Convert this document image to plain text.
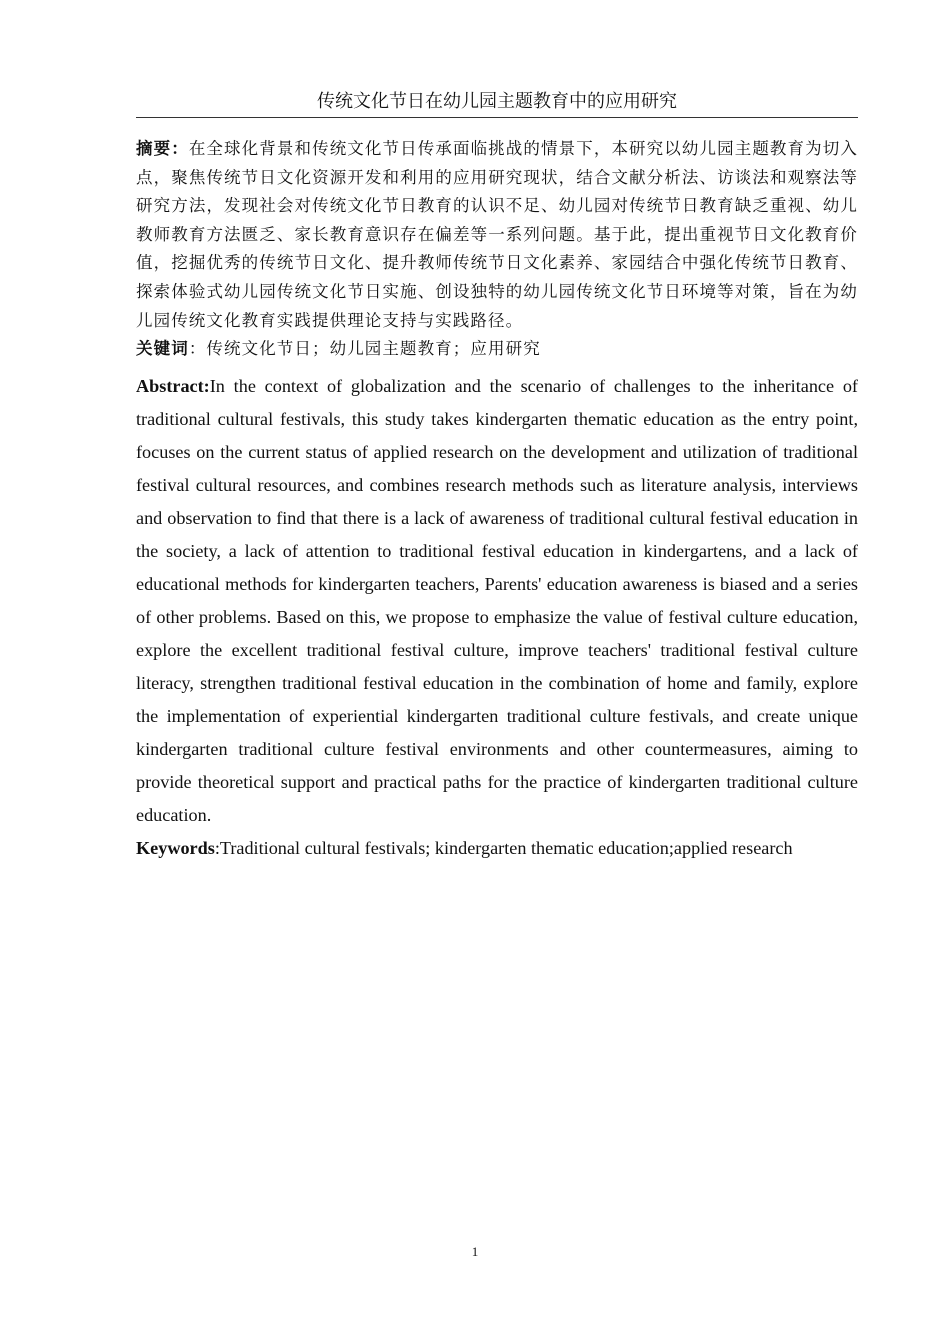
传统文化节日在幼儿园主题教育中的应用研究

摘要：在全球化背景和传统文化节日传承面临挑战的情景下，本研究以幼儿园主题教育为切入点，聚焦传统节日文化资源开发和利用的应用研究现状，结合文献分析法、访谈法和观察法等研究方法，发现社会对传统文化节日教育的认识不足、幼儿园对传统节日教育缺乏重视、幼儿教师教育方法匮乏、家长教育意识存在偏差等一系列问题。基于此，提出重视节日文化教育价值，挖掘优秀的传统节日文化、提升教师传统节日文化素养、家园结合中强化传统节日教育、探索体验式幼儿园传统文化节日实施、创设独特的幼儿园传统文化节日环境等对策，旨在为幼儿园传统文化教育实践提供理论支持与实践路径。

关键词：传统文化节日；幼儿园主题教育；应用研究

Abstract:In the context of globalization and the scenario of challenges to the inheritance of traditional cultural festivals, this study takes kindergarten thematic education as the entry point, focuses on the current status of applied research on the development and utilization of traditional festival cultural resources, and combines research methods such as literature analysis, interviews and observation to find that there is a lack of awareness of traditional cultural festival education in the society, a lack of attention to traditional festival education in kindergartens, and a lack of educational methods for kindergarten teachers, Parents' education awareness is biased and a series of other problems. Based on this, we propose to emphasize the value of festival culture education, explore the excellent traditional festival culture, improve teachers' traditional festival culture literacy, strengthen traditional festival education in the combination of home and family, explore the implementation of experiential kindergarten traditional culture festivals, and create unique kindergarten traditional culture festival environments and other countermeasures, aiming to provide theoretical support and practical paths for the practice of kindergarten traditional culture education.

Keywords:Traditional cultural festivals; kindergarten thematic education;applied research

1
